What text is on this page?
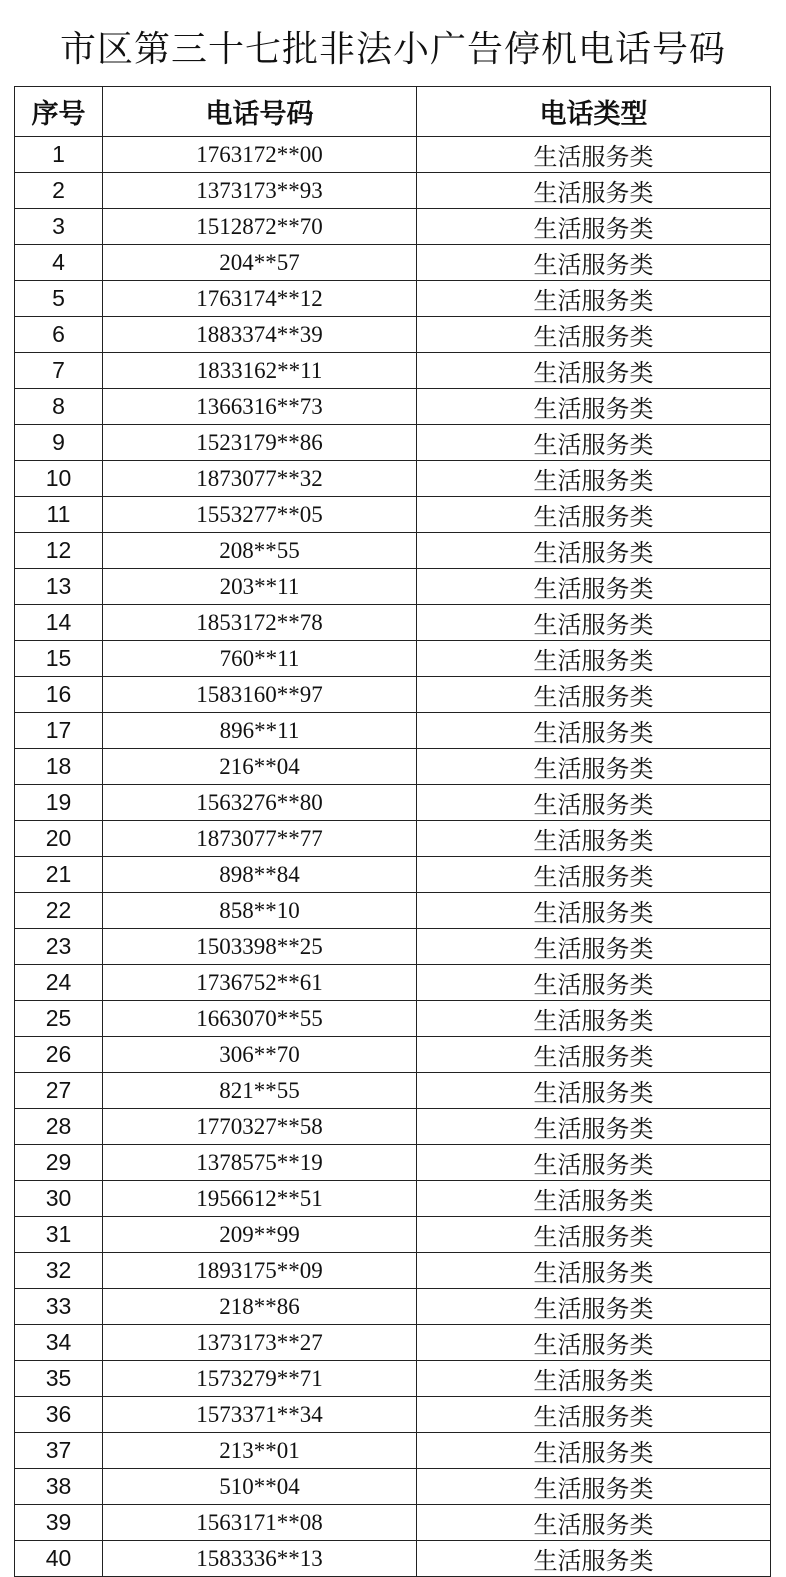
市区第三十七批非法小广告停机电话号码
序号	电话号码	电话类型
1	1763172**00	生活服务类
2	1373173**93	生活服务类
3	1512872**70	生活服务类
4	204**57	生活服务类
5	1763174**12	生活服务类
6	1883374**39	生活服务类
7	1833162**11	生活服务类
8	1366316**73	生活服务类
9	1523179**86	生活服务类
10	1873077**32	生活服务类
11	1553277**05	生活服务类
12	208**55	生活服务类
13	203**11	生活服务类
14	1853172**78	生活服务类
15	760**11	生活服务类
16	1583160**97	生活服务类
17	896**11	生活服务类
18	216**04	生活服务类
19	1563276**80	生活服务类
20	1873077**77	生活服务类
21	898**84	生活服务类
22	858**10	生活服务类
23	1503398**25	生活服务类
24	1736752**61	生活服务类
25	1663070**55	生活服务类
26	306**70	生活服务类
27	821**55	生活服务类
28	1770327**58	生活服务类
29	1378575**19	生活服务类
30	1956612**51	生活服务类
31	209**99	生活服务类
32	1893175**09	生活服务类
33	218**86	生活服务类
34	1373173**27	生活服务类
35	1573279**71	生活服务类
36	1573371**34	生活服务类
37	213**01	生活服务类
38	510**04	生活服务类
39	1563171**08	生活服务类
40	1583336**13	生活服务类
